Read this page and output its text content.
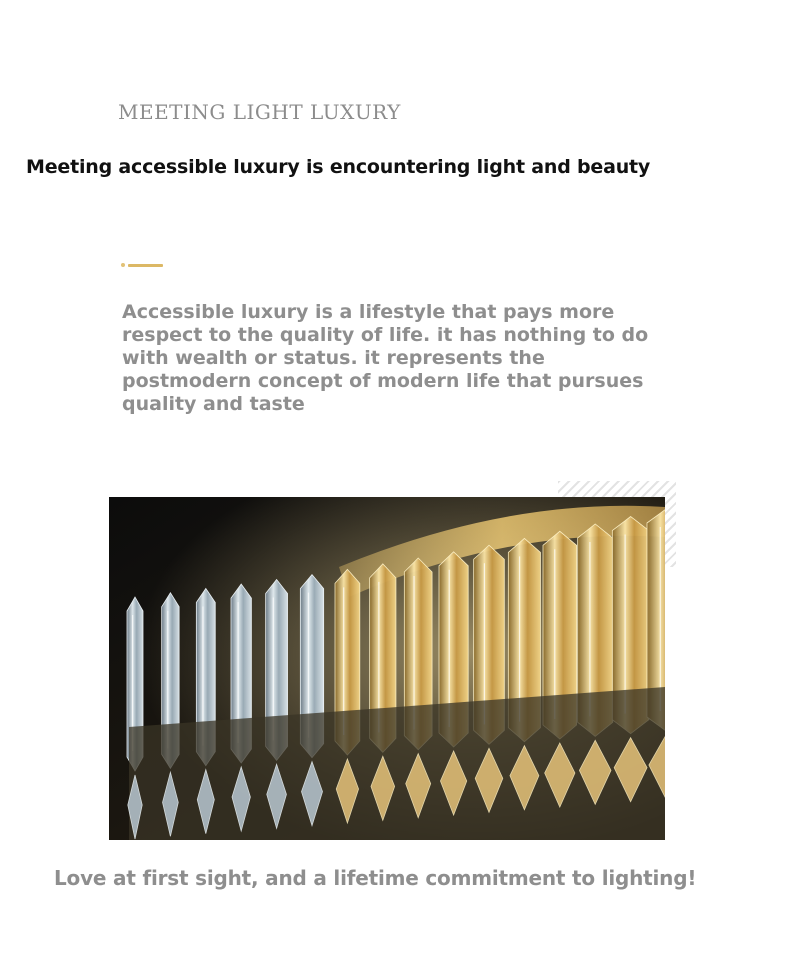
MEETING LIGHT LUXURY
Meeting accessible luxury is encountering light and beauty
Accessible luxury is a lifestyle that pays more
respect to the quality of life. it has nothing to do
with wealth or status. it represents the
postmodern concept of modern life that pursues
quality and taste
Love at first sight, and a lifetime commitment to lighting!
